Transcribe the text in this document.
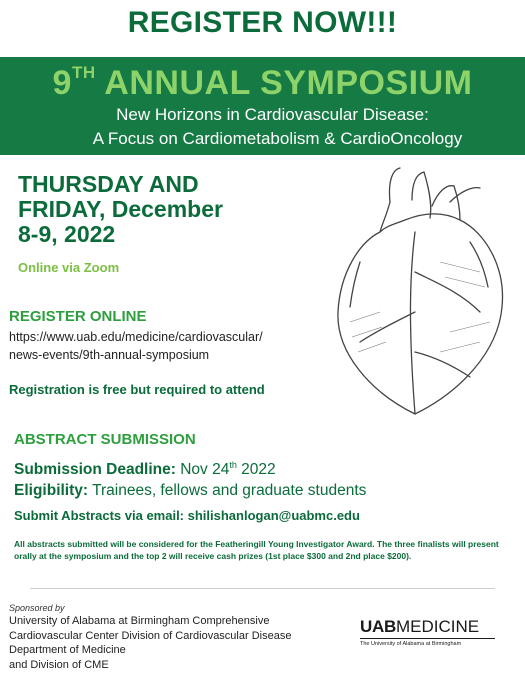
REGISTER NOW!!!
9TH ANNUAL SYMPOSIUM
New Horizons in Cardiovascular Disease:
A Focus on Cardiometabolism & CardioOncology
THURSDAY AND
FRIDAY, December
8-9, 2022
Online via Zoom
REGISTER ONLINE
https://www.uab.edu/medicine/cardiovascular/
news-events/9th-annual-symposium
Registration is free but required to attend
ABSTRACT SUBMISSION
Submission Deadline: Nov 24th 2022
Eligibility: Trainees, fellows and graduate students
Submit Abstracts via email: shilishanlogan@uabmc.edu
All abstracts submitted will be considered for the Featheringill Young Investigator Award. The three finalists will present orally at the symposium and the top 2 will receive cash prizes (1st place $300 and 2nd place $200).
Sponsored by
University of Alabama at Birmingham Comprehensive
Cardiovascular Center Division of Cardiovascular Disease
Department of Medicine
and Division of CME
UABMEDICINE
The University of Alabama at Birmingham
